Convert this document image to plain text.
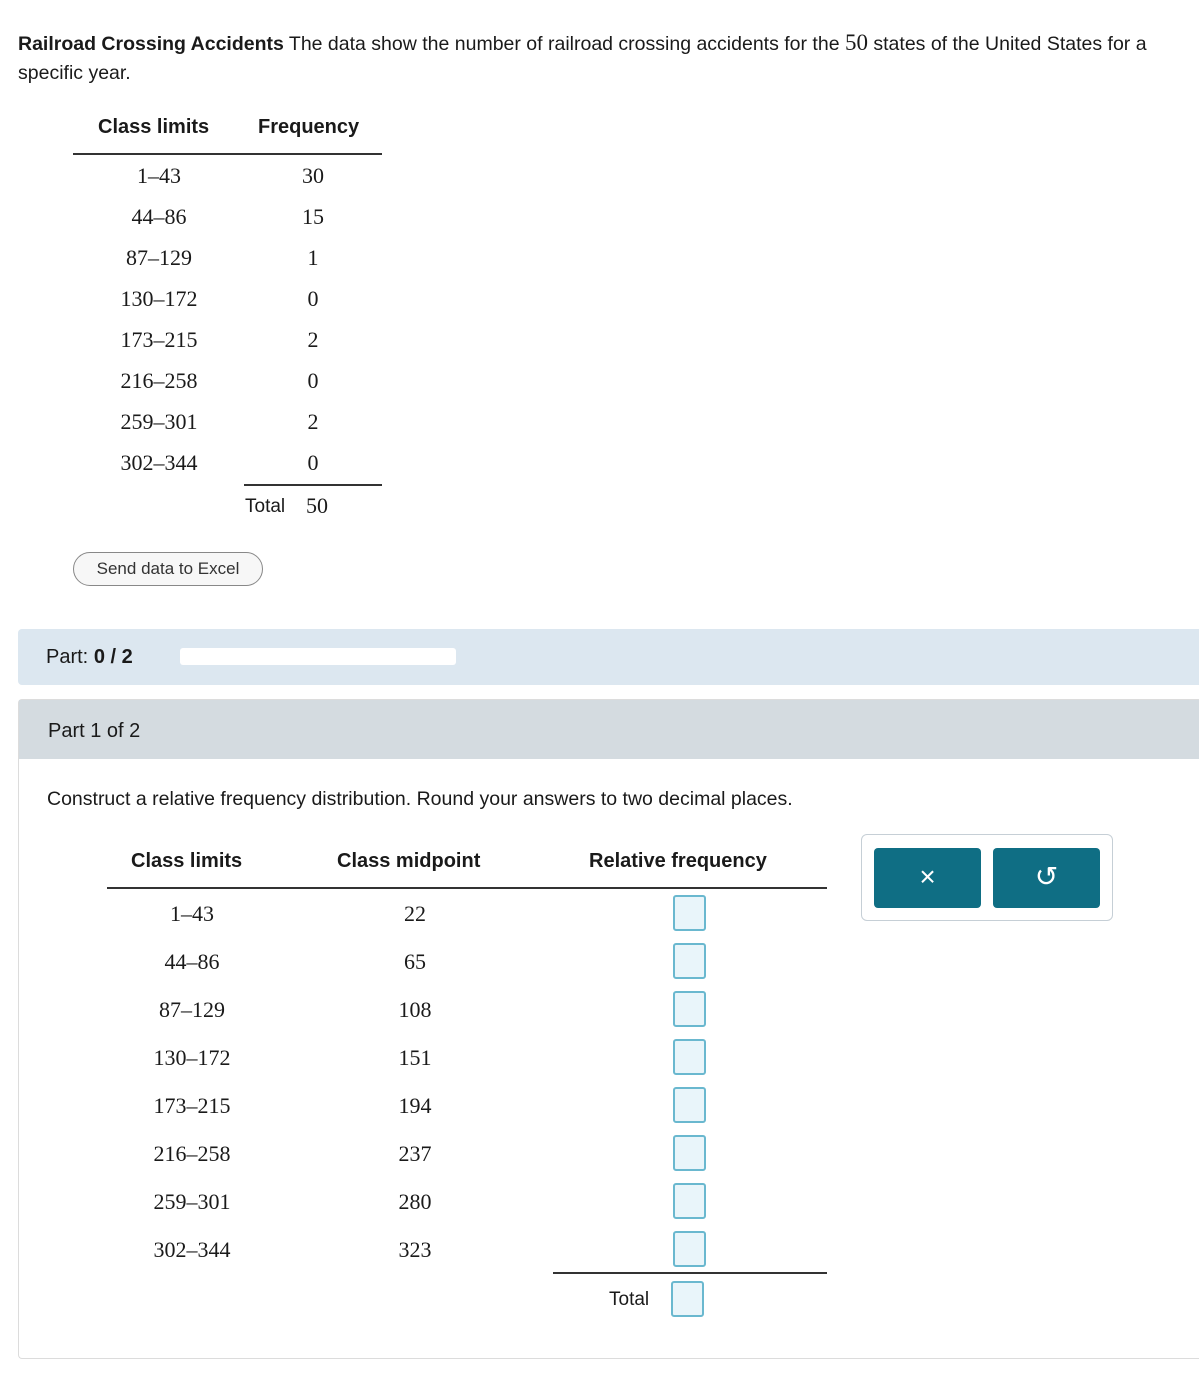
Railroad Crossing Accidents The data show the number of railroad crossing accidents for the 50 states of the United States for a specific year.
Class limits Frequency
1–43	30
44–86	15
87–129	1
130–172	0
173–215	2
216–258	0
259–301	2
302–344	0
Total 50
Send data to Excel
Part: 0 / 2
Part 1 of 2
Construct a relative frequency distribution. Round your answers to two decimal places.
Class limits	Class midpoint	Relative frequency
1–43	22
44–86	65
87–129	108
130–172	151
173–215	194
216–258	237
259–301	280
302–344	323
Total
×	↺
